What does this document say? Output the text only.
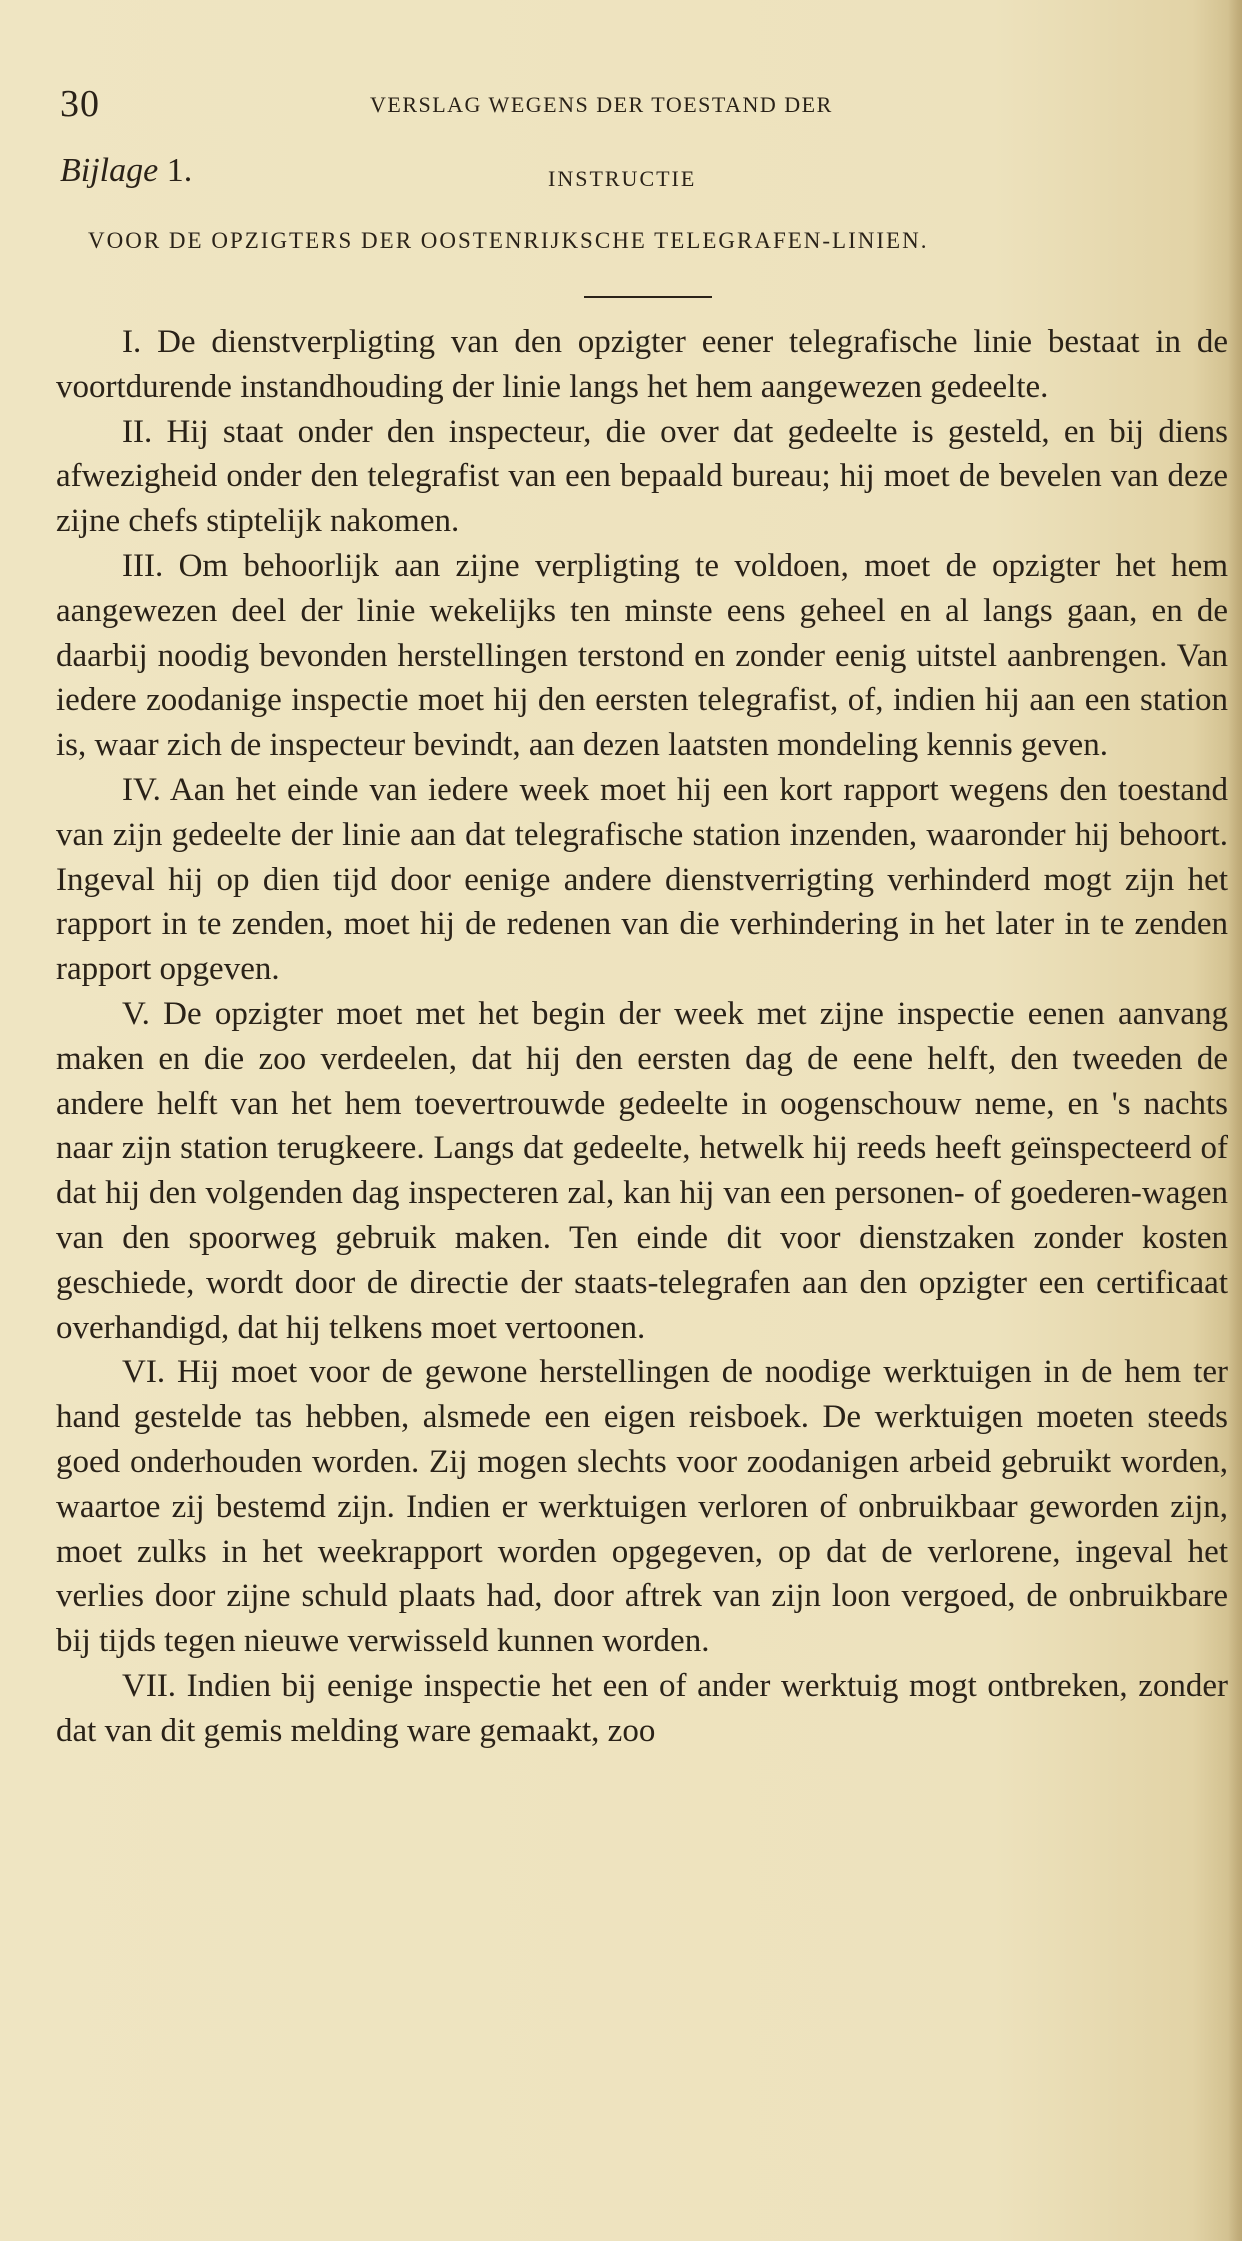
30	VERSLAG WEGENS DER TOESTAND DER
Bijlage 1.	INSTRUCTIE
VOOR DE OPZIGTERS DER OOSTENRIJKSCHE TELEGRAFEN-LINIEN.

I. De dienstverpligting van den opzigter eener telegrafische linie bestaat in de voortdurende instandhouding der linie langs het hem aangewezen gedeelte.

II. Hij staat onder den inspecteur, die over dat gedeelte is gesteld, en bij diens afwezigheid onder den telegrafist van een bepaald bureau; hij moet de bevelen van deze zijne chefs stiptelijk nakomen.

III. Om behoorlijk aan zijne verpligting te voldoen, moet de opzigter het hem aangewezen deel der linie wekelijks ten minste eens geheel en al langs gaan, en de daarbij noodig bevonden herstellingen terstond en zonder eenig uitstel aanbrengen. Van iedere zoodanige inspectie moet hij den eersten telegrafist, of, indien hij aan een station is, waar zich de inspecteur bevindt, aan dezen laatsten mondeling kennis geven.

IV. Aan het einde van iedere week moet hij een kort rapport wegens den toestand van zijn gedeelte der linie aan dat telegrafische station inzenden, waaronder hij behoort. Ingeval hij op dien tijd door eenige andere dienstverrigting verhinderd mogt zijn het rapport in te zenden, moet hij de redenen van die verhindering in het later in te zenden rapport opgeven.

V. De opzigter moet met het begin der week met zijne inspectie eenen aanvang maken en die zoo verdeelen, dat hij den eersten dag de eene helft, den tweeden de andere helft van het hem toevertrouwde gedeelte in oogenschouw neme, en 's nachts naar zijn station terugkeere. Langs dat gedeelte, hetwelk hij reeds heeft geïnspecteerd of dat hij den volgenden dag inspecteren zal, kan hij van een personen- of goederen-wagen van den spoorweg gebruik maken. Ten einde dit voor dienstzaken zonder kosten geschiede, wordt door de directie der staats-telegrafen aan den opzigter een certificaat overhandigd, dat hij telkens moet vertoonen.

VI. Hij moet voor de gewone herstellingen de noodige werktuigen in de hem ter hand gestelde tas hebben, alsmede een eigen reisboek. De werktuigen moeten steeds goed onderhouden worden. Zij mogen slechts voor zoodanigen arbeid gebruikt worden, waartoe zij bestemd zijn. Indien er werktuigen verloren of onbruikbaar geworden zijn, moet zulks in het weekrapport worden opgegeven, op dat de verlorene, ingeval het verlies door zijne schuld plaats had, door aftrek van zijn loon vergoed, de onbruikbare bij tijds tegen nieuwe verwisseld kunnen worden.

VII. Indien bij eenige inspectie het een of ander werktuig mogt ontbreken, zonder dat van dit gemis melding ware gemaakt, zoo
